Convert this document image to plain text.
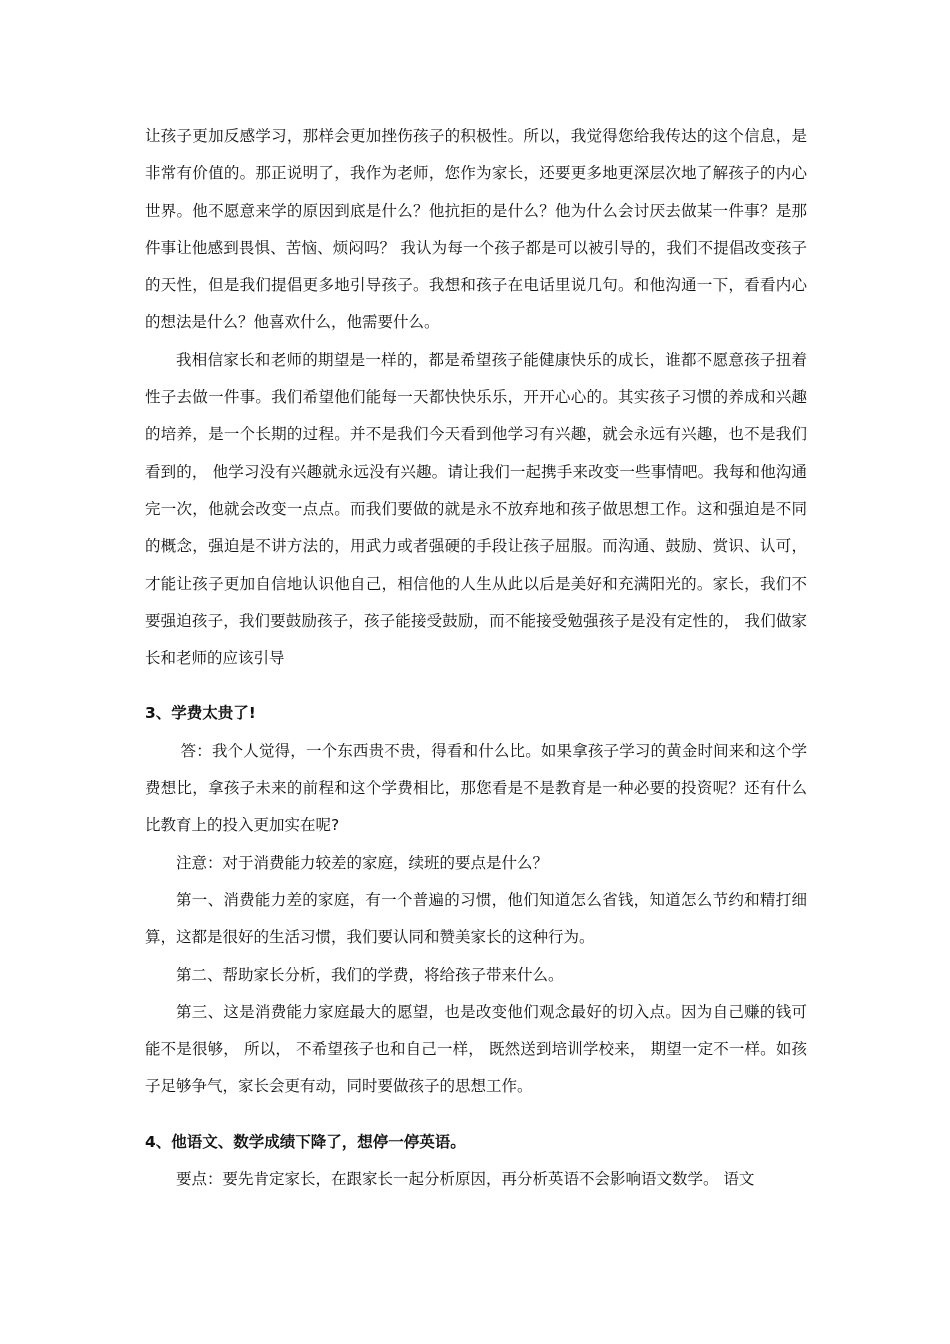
让孩子更加反感学习，那样会更加挫伤孩子的积极性。所以，我觉得您给我传达的这个信息，是非常有价值的。那正说明了，我作为老师，您作为家长，还要更多地更深层次地了解孩子的内心世界。他不愿意来学的原因到底是什么？他抗拒的是什么？他为什么会讨厌去做某一件事？是那件事让他感到畏惧、苦恼、烦闷吗？ 我认为每一个孩子都是可以被引导的，我们不提倡改变孩子的天性，但是我们提倡更多地引导孩子。我想和孩子在电话里说几句。和他沟通一下，看看内心的想法是什么？他喜欢什么，他需要什么。

我相信家长和老师的期望是一样的，都是希望孩子能健康快乐的成长，谁都不愿意孩子扭着性子去做一件事。我们希望他们能每一天都快快乐乐，开开心心的。其实孩子习惯的养成和兴趣的培养，是一个长期的过程。并不是我们今天看到他学习有兴趣，就会永远有兴趣，也不是我们看到的， 他学习没有兴趣就永远没有兴趣。请让我们一起携手来改变一些事情吧。我每和他沟通完一次，他就会改变一点点。而我们要做的就是永不放弃地和孩子做思想工作。这和强迫是不同的概念，强迫是不讲方法的，用武力或者强硬的手段让孩子屈服。而沟通、鼓励、赏识、认可，才能让孩子更加自信地认识他自己，相信他的人生从此以后是美好和充满阳光的。家长，我们不要强迫孩子，我们要鼓励孩子，孩子能接受鼓励，而不能接受勉强孩子是没有定性的， 我们做家长和老师的应该引导

3、学费太贵了!

答：我个人觉得，一个东西贵不贵，得看和什么比。如果拿孩子学习的黄金时间来和这个学费想比，拿孩子未来的前程和这个学费相比，那您看是不是教育是一种必要的投资呢？还有什么比教育上的投入更加实在呢?

注意：对于消费能力较差的家庭，续班的要点是什么？

第一、消费能力差的家庭，有一个普遍的习惯，他们知道怎么省钱，知道怎么节约和精打细算，这都是很好的生活习惯，我们要认同和赞美家长的这种行为。

第二、帮助家长分析，我们的学费，将给孩子带来什么。

第三、这是消费能力家庭最大的愿望，也是改变他们观念最好的切入点。因为自己赚的钱可能不是很够， 所以， 不希望孩子也和自己一样， 既然送到培训学校来， 期望一定不一样。如孩子足够争气，家长会更有动，同时要做孩子的思想工作。

4、他语文、数学成绩下降了，想停一停英语。

要点：要先肯定家长，在跟家长一起分析原因，再分析英语不会影响语文数学。 语文
